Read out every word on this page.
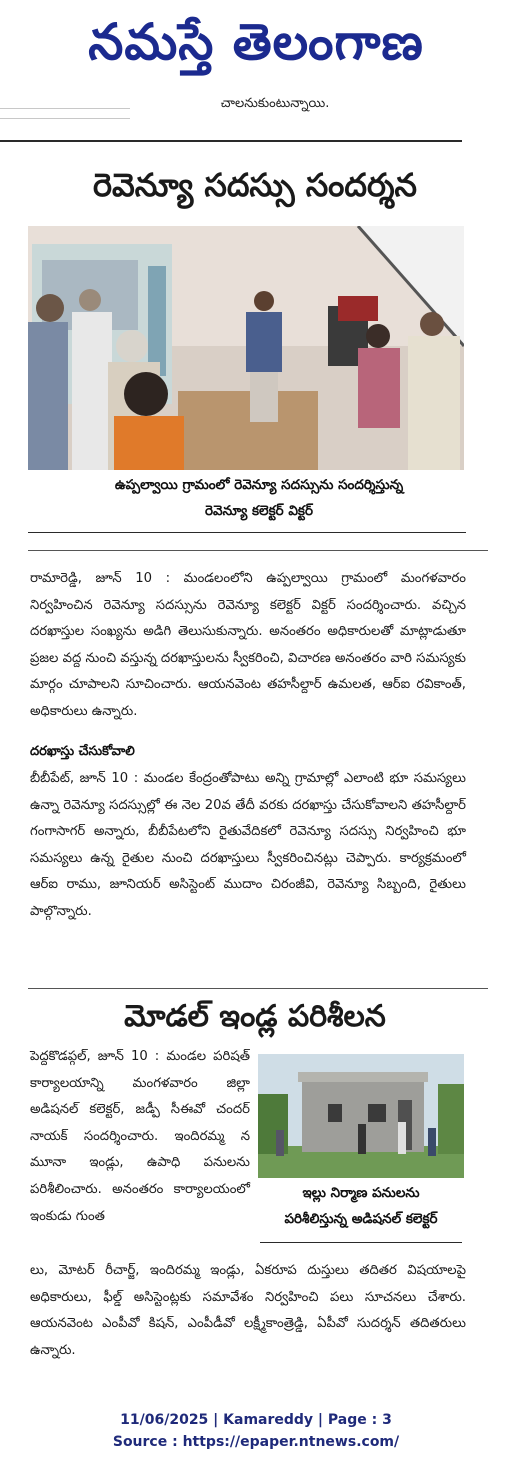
నమస్తే తెలంగాణ
చాలనుకుంటున్నాయి.
రెవెన్యూ సదస్సు సందర్శన
ఉప్పల్వాయి గ్రామంలో రెవెన్యూ సదస్సును సందర్శిస్తున్న
రెవెన్యూ కలెక్టర్ విక్టర్

రామారెడ్డి, జూన్ 10 : మండలంలోని ఉప్పల్వాయి గ్రామంలో మంగళవారం నిర్వహించిన రెవెన్యూ సదస్సును రెవెన్యూ కలెక్టర్ విక్టర్ సందర్శించారు. వచ్చిన దరఖాస్తుల సంఖ్యను అడిగి తెలుసుకున్నారు. అనంతరం అధికారులతో మాట్లాడుతూ ప్రజల వద్ద నుంచి వస్తున్న దరఖాస్తులను స్వీకరించి, విచారణ అనంతరం వారి సమస్యకు మార్గం చూపాలని సూచించారు. ఆయనవెంట తహసీల్దార్ ఉమలత, ఆర్ఐ రవికాంత్, అధికారులు ఉన్నారు.

దరఖాస్తు చేసుకోవాలి

బీబీపేట్, జూన్ 10 : మండల కేంద్రంతోపాటు అన్ని గ్రామాల్లో ఎలాంటి భూ సమస్యలు ఉన్నా రెవెన్యూ సదస్సుల్లో ఈ నెల 20వ తేదీ వరకు దరఖాస్తు చేసుకోవాలని తహసీల్దార్ గంగాసాగర్ అన్నారు, బీబీపేటలోని రైతువేదికలో రెవెన్యూ సదస్సు నిర్వహించి భూ సమస్యలు ఉన్న రైతుల నుంచి దరఖాస్తులు స్వీకరించినట్లు చెప్పారు. కార్యక్రమంలో ఆర్ఐ రాము, జూనియర్ అసిస్టెంట్ ముదాం చిరంజీవి, రెవెన్యూ సిబ్బంది, రైతులు పాల్గొన్నారు.

మోడల్ ఇండ్ల పరిశీలన

పెద్దకొడప్గల్, జూన్ 10 : మండల పరిషత్ కార్యాలయాన్ని మంగళవారం జిల్లా అడిషనల్ కలెక్టర్, జడ్పీ సీఈవో చందర్ నాయక్ సందర్శించారు. ఇందిరమ్మ న మూనా ఇండ్లు, ఉపాధి పనులను పరిశీలించారు. అనంతరం కార్యాలయంలో ఇంకుడు గుంత

ఇల్లు నిర్మాణ పనులను
పరిశీలిస్తున్న అడిషనల్ కలెక్టర్

లు, మోటర్ రీచార్జ్, ఇందిరమ్మ ఇండ్లు, ఏకరూప దుస్తులు తదితర విషయాలపై అధికారులు, ఫీల్డ్ అసిస్టెంట్లకు సమావేశం నిర్వహించి పలు సూచనలు చేశారు. ఆయనవెంట ఎంపీవో కిషన్, ఎంపీడీవో లక్ష్మీకాంత్రెడ్డి, ఏపీవో సుదర్శన్ తదితరులు ఉన్నారు.

11/06/2025 | Kamareddy | Page : 3
Source : https://epaper.ntnews.com/
